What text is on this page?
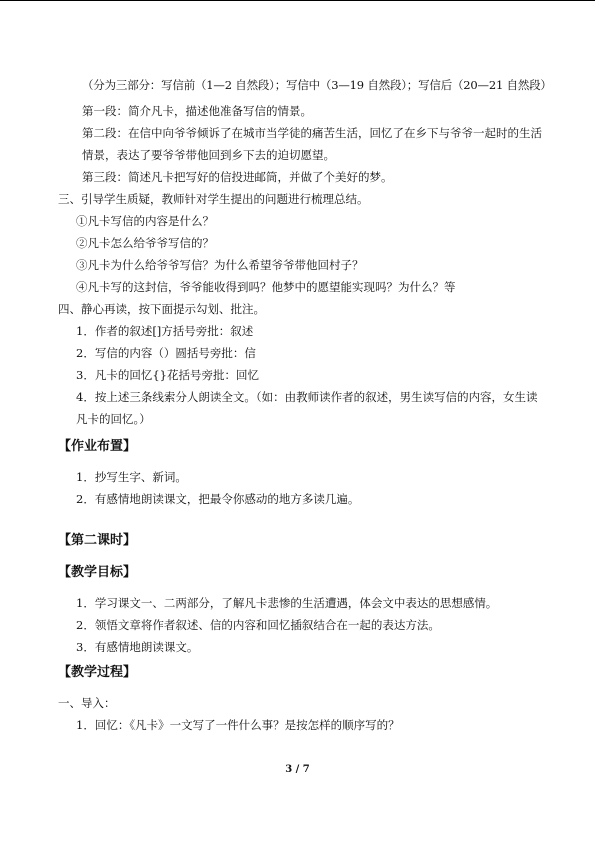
（分为三部分：写信前（1—2 自然段）；写信中（3—19 自然段）；写信后（20—21 自然段）

第一段：简介凡卡，描述他准备写信的情景。

第二段：在信中向爷爷倾诉了在城市当学徒的痛苦生活，回忆了在乡下与爷爷一起时的生活情景，表达了要爷爷带他回到乡下去的迫切愿望。

第三段：简述凡卡把写好的信投进邮筒，并做了个美好的梦。

三、引导学生质疑，教师针对学生提出的问题进行梳理总结。

①凡卡写信的内容是什么？

②凡卡怎么给爷爷写信的？

③凡卡为什么给爷爷写信？为什么希望爷爷带他回村子？

④凡卡写的这封信，爷爷能收得到吗？他梦中的愿望能实现吗？为什么？等

四、静心再读，按下面提示勾划、批注。

1．作者的叙述[]方括号旁批：叙述

2．写信的内容（）圆括号旁批：信

3．凡卡的回忆{}花括号旁批：回忆

4．按上述三条线索分人朗读全文。（如：由教师读作者的叙述，男生读写信的内容，女生读凡卡的回忆。）

【作业布置】

1．抄写生字、新词。

2．有感情地朗读课文，把最令你感动的地方多读几遍。

【第二课时】

【教学目标】

1．学习课文一、二两部分，了解凡卡悲惨的生活遭遇，体会文中表达的思想感情。

2．领悟文章将作者叙述、信的内容和回忆插叙结合在一起的表达方法。

3．有感情地朗读课文。

【教学过程】

一、导入：

1．回忆：《凡卡》一文写了一件什么事？是按怎样的顺序写的？

3 / 7
